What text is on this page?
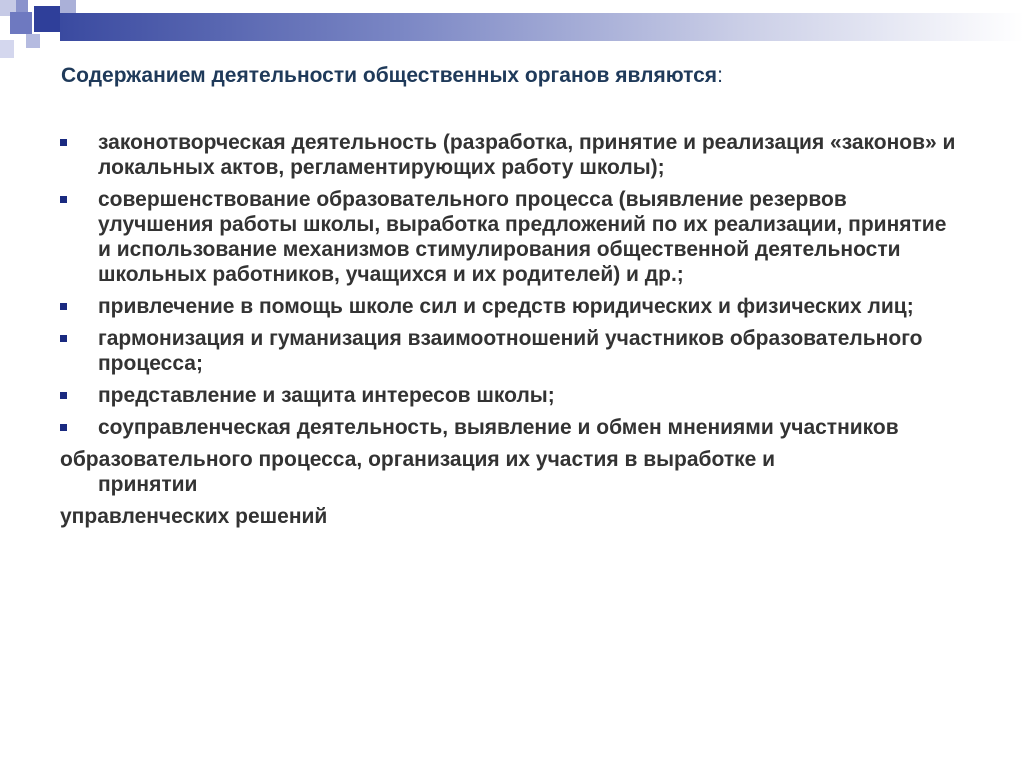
Содержанием деятельности общественных органов являются:
законотворческая деятельность (разработка, принятие и реализация «законов» и локальных актов, регламентирующих работу школы);
совершенствование образовательного процесса (выявление резервов улучшения работы школы, выработка предложений по их реализации, принятие и использование механизмов стимулирования общественной деятельности школьных работников, учащихся и их родителей) и др.;
привлечение в помощь школе сил и средств юридических и физических лиц;
гармонизация и гуманизация взаимоотношений участников образовательного процесса;
представление и защита интересов школы;
соуправленческая деятельность, выявление и обмен мнениями участников
образовательного процесса, организация их участия в выработке и
принятии
управленческих решений
